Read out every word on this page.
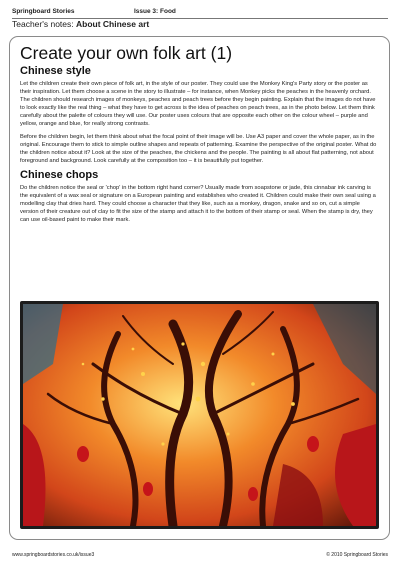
Springboard Stories	Issue 3: Food
Teacher's notes: About Chinese art
Create your own folk art (1)
Chinese style

Let the children create their own piece of folk art, in the style of our poster. They could use the Monkey King's Party story or the poster as their inspiration. Let them choose a scene in the story to illustrate – for instance, when Monkey picks the peaches in the heavenly orchard. The children should research images of monkeys, peaches and peach trees before they begin painting. Explain that the images do not have to look exactly like the real thing – what they have to get across is the idea of peaches on peach trees, as in the photo below. Let them think carefully about the palette of colours they will use. Our poster uses colours that are opposite each other on the colour wheel – purple and yellow, orange and blue, for really strong contrasts.

Before the children begin, let them think about what the focal point of their image will be. Use A3 paper and cover the whole paper, as in the original. Encourage them to stick to simple outline shapes and repeats of patterning. Examine the perspective of the original poster. What do the children notice about it? Look at the size of the peaches, the chickens and the people. The painting is all about flat patterning, not about foreground and background. Look carefully at the composition too – it is beautifully put together.

Chinese chops

Do the children notice the seal or 'chop' in the bottom right hand corner? Usually made from soapstone or jade, this cinnabar ink carving is the equivalent of a wax seal or signature on a European painting and establishes who created it. Children could make their own seal using a modelling clay that dries hard. They could choose a character that they like, such as a monkey, dragon, snake and so on, cut a simple version of their creature out of clay to fit the size of the stamp and attach it to the bottom of their stamp or seal. When the stamp is dry, they can use oil-based paint to make their mark.

www.springboardstories.co.uk/issue3	© 2010 Springboard Stories
